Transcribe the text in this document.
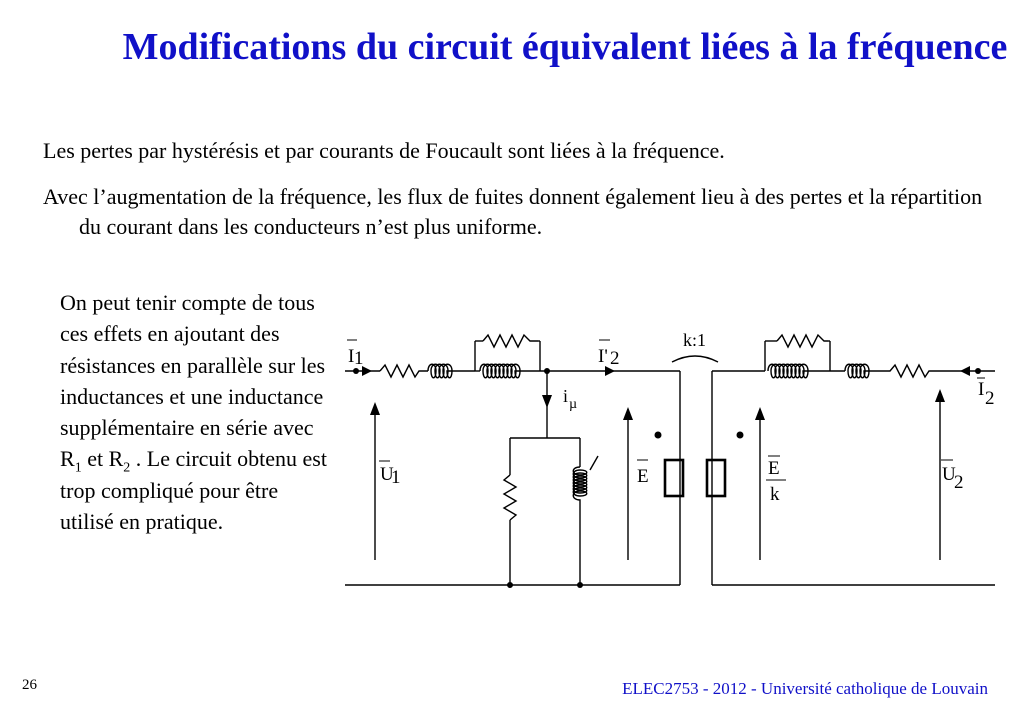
Modifications du circuit équivalent liées à la fréquence

Les pertes par hystérésis et par courants de Foucault sont liées à la fréquence.

Avec l’augmentation de la fréquence, les flux de fuites donnent également lieu à des pertes et la répartition du courant dans les conducteurs n’est plus uniforme.

On peut tenir compte de tous ces effets en ajoutant des résistances en parallèle sur les inductances et une inductance supplémentaire en série avec $R_1$ et $R_2$ . Le circuit obtenu est trop compliqué pour être utilisé en pratique.
I 1	I' 2
i µ
k:1
U
1	E	E
k
I 2
U
2
26	ELEC2753 - 2012 - Université catholique de Louvain
